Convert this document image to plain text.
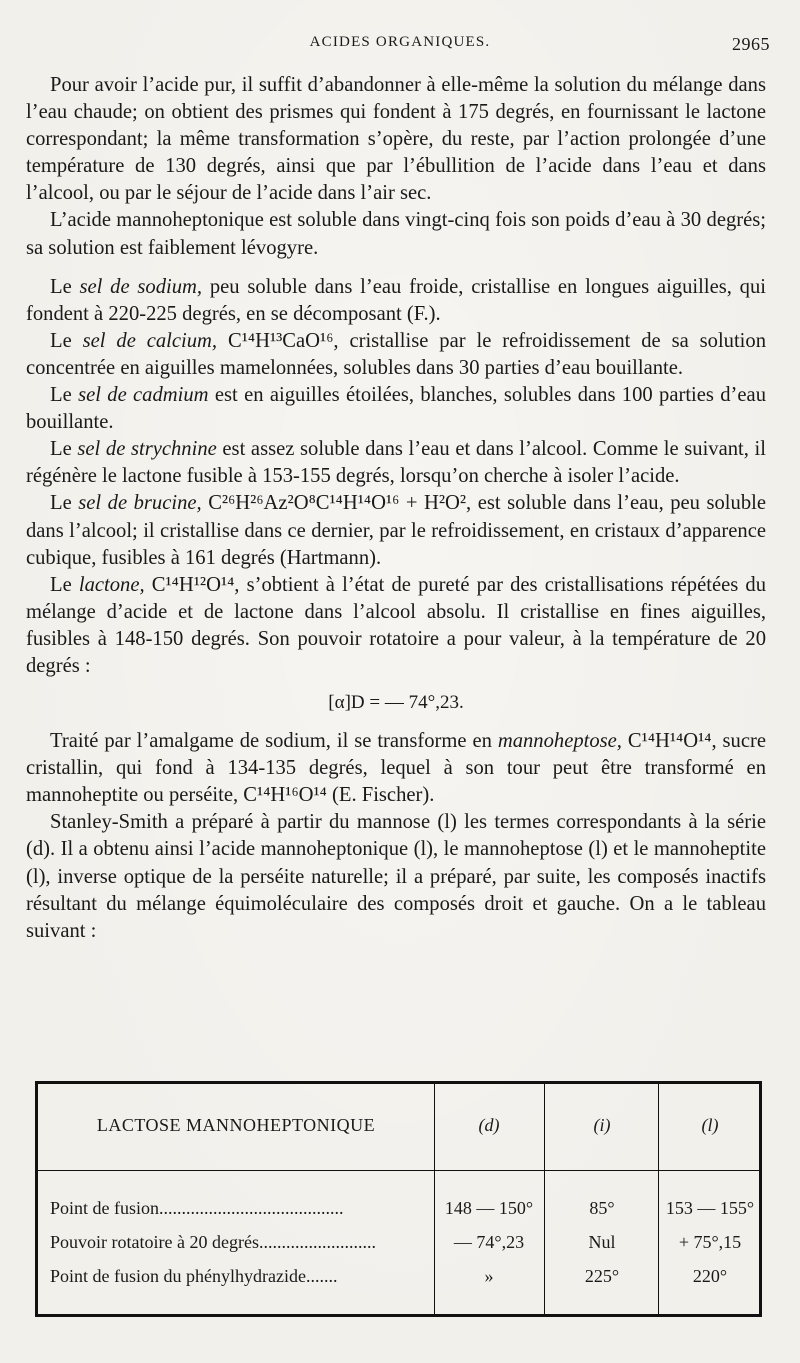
ACIDES ORGANIQUES.	2965

Pour avoir l’acide pur, il suffit d’abandonner à elle-même la solution du mélange dans l’eau chaude; on obtient des prismes qui fondent à 175 degrés, en fournissant le lactone correspondant; la même transformation s’opère, du reste, par l’action prolongée d’une température de 130 degrés, ainsi que par l’ébullition de l’acide dans l’eau et dans l’alcool, ou par le séjour de l’acide dans l’air sec.

L’acide mannoheptonique est soluble dans vingt-cinq fois son poids d’eau à 30 degrés; sa solution est faiblement lévogyre.

Le sel de sodium, peu soluble dans l’eau froide, cristallise en longues aiguilles, qui fondent à 220-225 degrés, en se décomposant (F.).

Le sel de calcium, C¹⁴H¹³CaO¹⁶, cristallise par le refroidissement de sa solution concentrée en aiguilles mamelonnées, solubles dans 30 parties d’eau bouillante.

Le sel de cadmium est en aiguilles étoilées, blanches, solubles dans 100 parties d’eau bouillante.

Le sel de strychnine est assez soluble dans l’eau et dans l’alcool. Comme le suivant, il régénère le lactone fusible à 153-155 degrés, lorsqu’on cherche à isoler l’acide.

Le sel de brucine, C²⁶H²⁶Az²O⁸C¹⁴H¹⁴O¹⁶ + H²O², est soluble dans l’eau, peu soluble dans l’alcool; il cristallise dans ce dernier, par le refroidissement, en cristaux d’apparence cubique, fusibles à 161 degrés (Hartmann).

Le lactone, C¹⁴H¹²O¹⁴, s’obtient à l’état de pureté par des cristallisations répétées du mélange d’acide et de lactone dans l’alcool absolu. Il cristallise en fines aiguilles, fusibles à 148-150 degrés. Son pouvoir rotatoire a pour valeur, à la température de 20 degrés :

[α]D = — 74°,23.

Traité par l’amalgame de sodium, il se transforme en mannoheptose, C¹⁴H¹⁴O¹⁴, sucre cristallin, qui fond à 134-135 degrés, lequel à son tour peut être transformé en mannoheptite ou perséite, C¹⁴H¹⁶O¹⁴ (E. Fischer).

Stanley-Smith a préparé à partir du mannose (l) les termes correspondants à la série (d). Il a obtenu ainsi l’acide mannoheptonique (l), le mannoheptose (l) et le mannoheptite (l), inverse optique de la perséite naturelle; il a préparé, par suite, les composés inactifs résultant du mélange équimoléculaire des composés droit et gauche. On a le tableau suivant :

LACTOSE MANNOHEPTONIQUE	(d)	(i)	(l)
Point de fusion.........................................	148 — 150°	85°	153 — 155°
Pouvoir rotatoire à 20 degrés..........................	— 74°,23	Nul	+ 75°,15
Point de fusion du phénylhydrazide.......	»	225°	220°
